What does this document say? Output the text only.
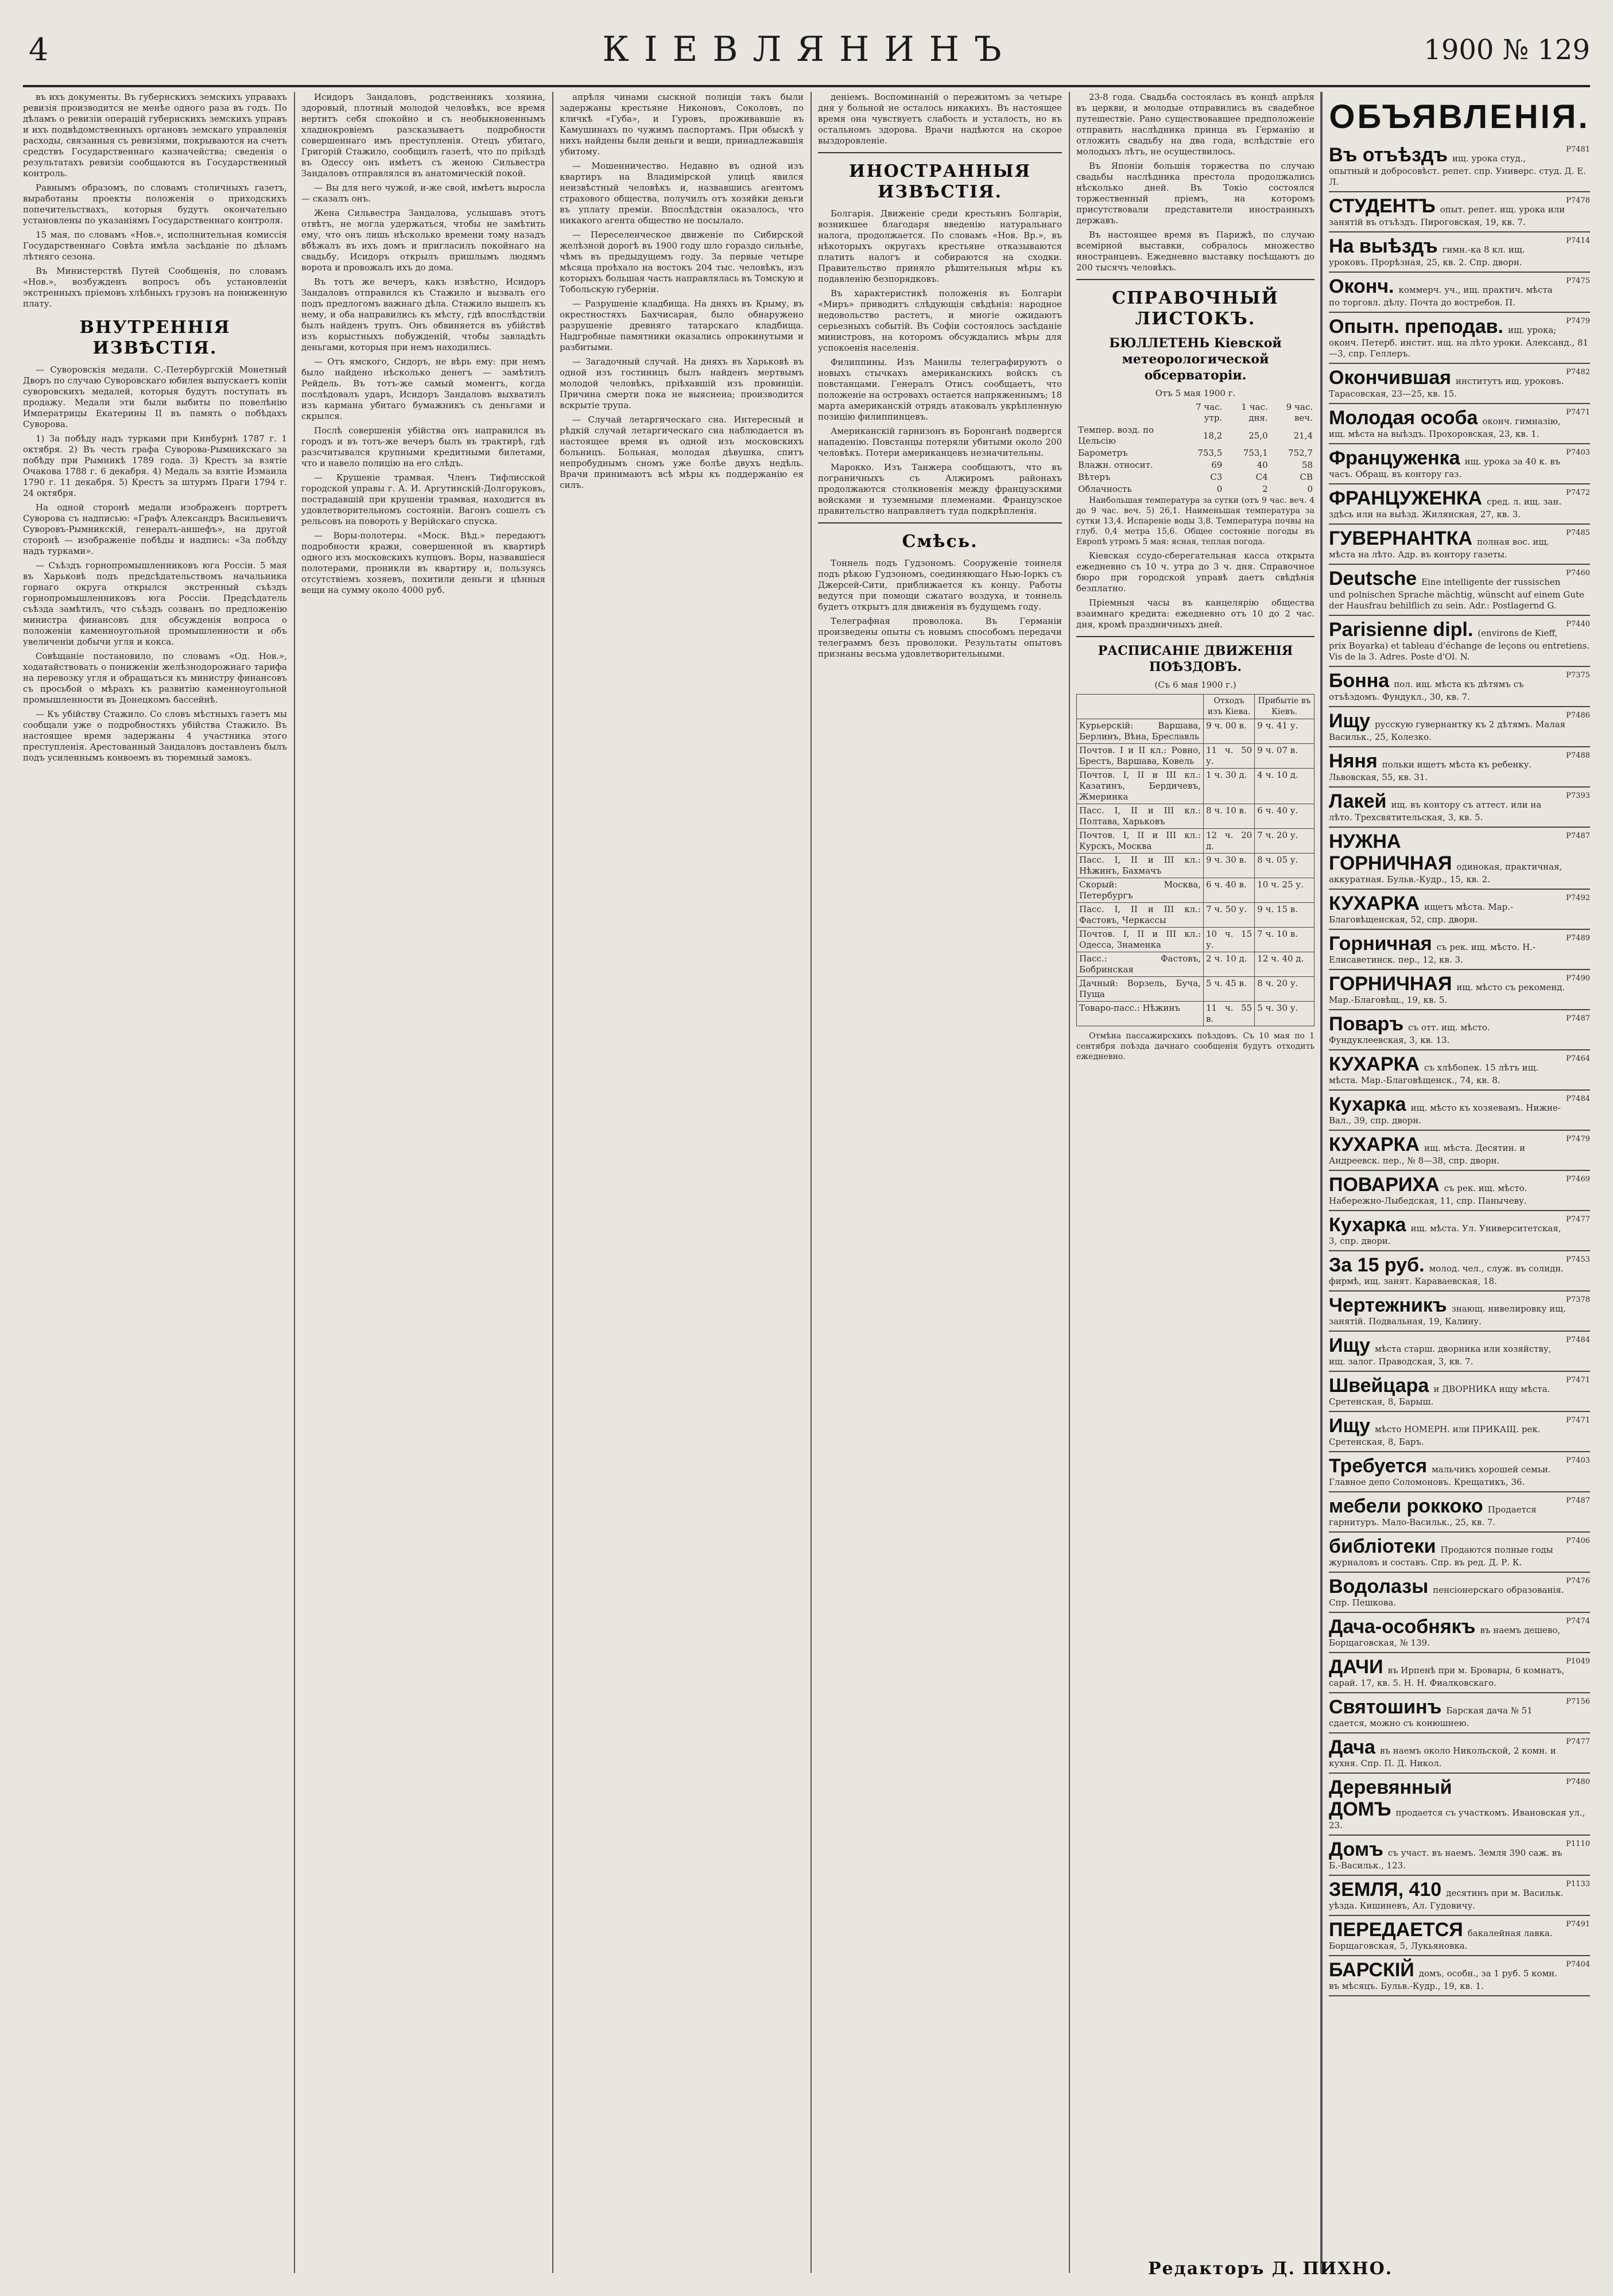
4	КІЕВЛЯНИНЪ	1900 № 129

въ ихъ документы. Въ губернскихъ земскихъ управахъ ревизія производится не менѣе одного раза въ годъ. По дѣламъ о ревизіи операцій губернскихъ земскихъ управъ и ихъ подвѣдомственныхъ органовъ земскаго управленія расходы, связанныя съ ревизіями, покрываются на счетъ средствъ Государственнаго казначейства; сведенія о результатахъ ревизіи сообщаются въ Государственный контроль.

Равнымъ образомъ, по словамъ столичныхъ газетъ, выработаны проекты положенія о приходскихъ попечительствахъ, которыя будутъ окончательно установлены по указаніямъ Государственнаго контроля.

15 мая, по словамъ «Нов.», исполнительная комиссія Государственнаго Совѣта имѣла засѣданіе по дѣламъ лѣтняго сезона.

Въ Министерствѣ Путей Сообщенія, по словамъ «Нов.», возбужденъ вопросъ объ установленіи экстренныхъ пріемовъ хлѣбныхъ грузовъ на пониженную плату.

ВНУТРЕННІЯ ИЗВѢСТІЯ.

— Суворовскія медали. С.-Петербургскій Монетный Дворъ по случаю Суворовскаго юбилея выпускаетъ копіи суворовскихъ медалей, которыя будутъ поступать въ продажу. Медали эти были выбиты по повелѣнію Императрицы Екатерины II въ память о побѣдахъ Суворова.

1) За побѣду надъ турками при Кинбурнѣ 1787 г. 1 октября. 2) Въ честь графа Суворова-Рымникскаго за побѣду при Рымникѣ 1789 года. 3) Крестъ за взятіе Очакова 1788 г. 6 декабря. 4) Медаль за взятіе Измаила 1790 г. 11 декабря. 5) Крестъ за штурмъ Праги 1794 г. 24 октября.

На одной сторонѣ медали изображенъ портретъ Суворова съ надписью: «Графъ Александръ Васильевичъ Суворовъ-Рымникскій, генералъ-аншефъ», на другой сторонѣ — изображеніе побѣды и надпись: «За побѣду надъ турками».

— Съѣздъ горнопромышленниковъ юга Россіи. 5 мая въ Харьковѣ подъ предсѣдательствомъ начальника горнаго округа открылся экстренный съѣздъ горнопромышленниковъ юга Россіи. Предсѣдатель съѣзда замѣтилъ, что съѣздъ созванъ по предложенію министра финансовъ для обсужденія вопроса о положеніи каменноугольной промышленности и объ увеличеніи добычи угля и кокса.

Совѣщаніе постановило, по словамъ «Од. Нов.», ходатайствовать о пониженіи желѣзнодорожнаго тарифа на перевозку угля и обращаться къ министру финансовъ съ просьбой о мѣрахъ къ развитію каменноугольной промышленности въ Донецкомъ бассейнѣ.

— Къ убійству Стажило. Со словъ мѣстныхъ газетъ мы сообщали уже о подробностяхъ убійства Стажило. Въ настоящее время задержаны 4 участника этого преступленія. Арестованный Зандаловъ доставленъ былъ подъ усиленнымъ конвоемъ въ тюремный замокъ.

Исидоръ Зандаловъ, родственникъ хозяина, здоровый, плотный молодой человѣкъ, все время вертитъ себя спокойно и съ необыкновеннымъ хладнокровіемъ разсказываетъ подробности совершеннаго имъ преступленія. Отецъ убитаго, Григорій Стажило, сообщилъ газетѣ, что по пріѣздѣ въ Одессу онъ имѣетъ съ женою Сильвестра Зандаловъ отправлялся въ анатомическій покой.

— Вы для него чужой, и-же свой, имѣетъ выросла — сказалъ онъ.

Жена Сильвестра Зандалова, услышавъ этотъ отвѣтъ, не могла удержаться, чтобы не замѣтить ему, что онъ лишь нѣсколько времени тому назадъ вбѣжалъ въ ихъ домъ и пригласилъ покойнаго на свадьбу. Исидоръ открылъ пришлымъ людямъ ворота и провожалъ ихъ до дома.

Въ тотъ же вечеръ, какъ извѣстно, Исидоръ Зандаловъ отправился къ Стажило и вызвалъ его подъ предлогомъ важнаго дѣла. Стажило вышелъ къ нему, и оба направились къ мѣсту, гдѣ впослѣдствіи былъ найденъ трупъ. Онъ обвиняется въ убійствѣ изъ корыстныхъ побужденій, чтобы завладѣть деньгами, которыя при немъ находились.

— Отъ ямского, Сидоръ, не вѣрь ему: при немъ было найдено нѣсколько денегъ — замѣтилъ Рейдель. Въ тотъ-же самый моментъ, когда послѣдовалъ ударъ, Исидоръ Зандаловъ выхватилъ изъ кармана убитаго бумажникъ съ деньгами и скрылся.

Послѣ совершенія убійства онъ направился въ городъ и въ тотъ-же вечеръ былъ въ трактирѣ, гдѣ разсчитывался крупными кредитными билетами, что и навело полицію на его слѣдъ.

— Крушеніе трамвая. Членъ Тифлисской городской управы г. А. И. Аргутинскій-Долгоруковъ, пострадавшій при крушеніи трамвая, находится въ удовлетворительномъ состояніи. Вагонъ сошелъ съ рельсовъ на повороть у Верійскаго спуска.

— Воры-полотеры. «Моск. Вѣд.» передаютъ подробности кражи, совершенной въ квартирѣ одного изъ московскихъ купцовъ. Воры, назвавшіеся полотерами, проникли въ квартиру и, пользуясь отсутствіемъ хозяевъ, похитили деньги и цѣнныя вещи на сумму около 4000 руб.

апрѣля чинами сыскной полиціи такъ были задержаны крестьяне Никоновъ, Соколовъ, по кличкѣ «Губа», и Гуровъ, проживавшіе въ Камушинахъ по чужимъ паспортамъ. При обыскѣ у нихъ найдены были деньги и вещи, принадлежавшія убитому.

— Мошенничество. Недавно въ одной изъ квартиръ на Владимірской улицѣ явился неизвѣстный человѣкъ и, назвавшись агентомъ страхового общества, получилъ отъ хозяйки деньги въ уплату преміи. Впослѣдствіи оказалось, что никакого агента общество не посылало.

— Переселенческое движеніе по Сибирской желѣзной дорогѣ въ 1900 году шло гораздо сильнѣе, чѣмъ въ предыдущемъ году. За первые четыре мѣсяца проѣхало на востокъ 204 тыс. человѣкъ, изъ которыхъ большая часть направлялась въ Томскую и Тобольскую губерніи.

— Разрушеніе кладбища. На дняхъ въ Крыму, въ окрестностяхъ Бахчисарая, было обнаружено разрушеніе древняго татарскаго кладбища. Надгробные памятники оказались опрокинутыми и разбитыми.

— Загадочный случай. На дняхъ въ Харьковѣ въ одной изъ гостиницъ былъ найденъ мертвымъ молодой человѣкъ, пріѣхавшій изъ провинціи. Причина смерти пока не выяснена; производится вскрытіе трупа.

— Случай летаргическаго сна. Интересный и рѣдкій случай летаргическаго сна наблюдается въ настоящее время въ одной изъ московскихъ больницъ. Больная, молодая дѣвушка, спитъ непробуднымъ сномъ уже болѣе двухъ недѣль. Врачи принимаютъ всѣ мѣры къ поддержанію ея силъ.

деніемъ. Воспоминаній о пережитомъ за четыре дня у больной не осталось никакихъ. Въ настоящее время она чувствуетъ слабость и усталость, но въ остальномъ здорова. Врачи надѣются на скорое выздоровленіе.

ИНОСТРАННЫЯ ИЗВѢСТІЯ.

Болгарія. Движеніе среди крестьянъ Болгаріи, возникшее благодаря введенію натуральнаго налога, продолжается. По словамъ «Нов. Вр.», въ нѣкоторыхъ округахъ крестьяне отказываются платить налогъ и собираются на сходки. Правительство приняло рѣшительныя мѣры къ подавленію безпорядковъ.

Въ характеристикѣ положенія въ Болгаріи «Миръ» приводитъ слѣдующія свѣдѣнія: народное недовольство растетъ, и многіе ожидаютъ серьезныхъ событій. Въ Софіи состоялось засѣданіе министровъ, на которомъ обсуждались мѣры для успокоенія населенія.

Филиппины. Изъ Манилы телеграфируютъ о новыхъ стычкахъ американскихъ войскъ съ повстанцами. Генералъ Отисъ сообщаетъ, что положеніе на островахъ остается напряженнымъ; 18 марта американскій отрядъ атаковалъ укрѣпленную позицію филиппинцевъ.

Американскій гарнизонъ въ Боронганѣ подвергся нападенію. Повстанцы потеряли убитыми около 200 человѣкъ. Потери американцевъ незначительны.

Марокко. Изъ Танжера сообщаютъ, что въ пограничныхъ съ Алжиромъ районахъ продолжаются столкновенія между французскими войсками и туземными племенами. Французское правительство направляетъ туда подкрѣпленія.

Смѣсь.

Тоннель подъ Гудзономъ. Сооруженіе тоннеля подъ рѣкою Гудзономъ, соединяющаго Нью-Іоркъ съ Джерсей-Сити, приближается къ концу. Работы ведутся при помощи сжатаго воздуха, и тоннель будетъ открытъ для движенія въ будущемъ году.

Телеграфная проволока. Въ Германіи произведены опыты съ новымъ способомъ передачи телеграммъ безъ проволоки. Результаты опытовъ признаны весьма удовлетворительными.

23-8 года. Свадьба состоялась въ концѣ апрѣля въ церкви, и молодые отправились въ свадебное путешествіе. Рано существовавшее предположеніе отправить наслѣдника принца въ Германію и отложить свадьбу на два года, вслѣдствіе его молодыхъ лѣтъ, не осуществилось.

Въ Японіи большія торжества по случаю свадьбы наслѣдника престола продолжались нѣсколько дней. Въ Токіо состоялся торжественный пріемъ, на которомъ присутствовали представители иностранныхъ державъ.

Въ настоящее время въ Парижѣ, по случаю всемірной выставки, собралось множество иностранцевъ. Ежедневно выставку посѣщаютъ до 200 тысячъ человѣкъ.

СПРАВОЧНЫЙ ЛИСТОКЪ.
БЮЛЛЕТЕНЬ Кіевской метеорологической обсерваторіи.
Отъ 5 мая 1900 г.
	7 час. утр.	1 час. дня.	9 час. веч.
Темпер. возд. по Цельсію	18,2	25,0	21,4
Барометръ	753,5	753,1	752,7
Влажн. относит.	69	40	58
Вѣтеръ	С3	С4	СВ
Облачность	0	2	0

Наибольшая температура за сутки (отъ 9 час. веч. 4 до 9 час. веч. 5) 26,1. Наименьшая температура за сутки 13,4. Испареніе воды 3,8. Температура почвы на глуб. 0,4 метра 15,6. Общее состояніе погоды въ Европѣ утромъ 5 мая: ясная, теплая погода.

Кіевская ссудо-сберегательная касса открыта ежедневно съ 10 ч. утра до 3 ч. дня. Справочное бюро при городской управѣ даетъ свѣдѣнія безплатно.

Пріемныя часы въ канцелярію общества взаимнаго кредита: ежедневно отъ 10 до 2 час. дня, кромѣ праздничныхъ дней.

РАСПИСАНІЕ ДВИЖЕНІЯ ПОѢЗДОВЪ.
(Съ 6 мая 1900 г.)
	Отходъ изъ Кіева.	Прибытіе въ Кіевъ.
Курьерскій: Варшава, Берлинъ, Вѣна, Бреславль	9 ч. 00 в.	9 ч. 41 у.
Почтов. I и II кл.: Ровно, Брестъ, Варшава, Ковель	11 ч. 50 у.	9 ч. 07 в.
Почтов. I, II и III кл.: Казатинъ, Бердичевъ, Жмеринка	1 ч. 30 д.	4 ч. 10 д.
Пасс. I, II и III кл.: Полтава, Харьковъ	8 ч. 10 в.	6 ч. 40 у.
Почтов. I, II и III кл.: Курскъ, Москва	12 ч. 20 д.	7 ч. 20 у.
Пасс. I, II и III кл.: Нѣжинъ, Бахмачъ	9 ч. 30 в.	8 ч. 05 у.
Скорый: Москва, Петербургъ	6 ч. 40 в.	10 ч. 25 у.
Пасс. I, II и III кл.: Фастовъ, Черкассы	7 ч. 50 у.	9 ч. 15 в.
Почтов. I, II и III кл.: Одесса, Знаменка	10 ч. 15 у.	7 ч. 10 в.
Пасс.: Фастовъ, Бобринская	2 ч. 10 д.	12 ч. 40 д.
Дачный: Ворзель, Буча, Пуща	5 ч. 45 в.	8 ч. 20 у.
Товаро-пасс.: Нѣжинъ	11 ч. 55 в.	5 ч. 30 у.

Отмѣна пассажирскихъ поѣздовъ. Съ 10 мая по 1 сентября поѣзда дачнаго сообщенія будутъ отходить ежедневно.

ОБЪЯВЛЕНІЯ.
Р7481
Въ отъѣздъ ищ. урока студ., опытный и добросовѣст. репет. спр. Универс. студ. Д. Е. Л.
Р7478
СТУДЕНТЪ опыт. репет. ищ. урока или занятій въ отъѣздъ. Пироговская, 19, кв. 7.
Р7414
На выѣздъ гимн.-ка 8 кл. ищ. уроковъ. Прорѣзная, 25, кв. 2. Спр. дворн.
Р7475
Оконч. коммерч. уч., ищ. практич. мѣста по торговл. дѣлу. Почта до востребов. П.
Р7479
Опытн. преподав. ищ. урока; оконч. Петерб. инстит. ищ. на лѣто уроки. Александ., 81—3, спр. Геллеръ.
Р7482
Окончившая институтъ ищ. уроковъ. Тарасовская, 23—25, кв. 15.
Р7471
Молодая особа оконч. гимназію, ищ. мѣста на выѣздъ. Прохоровская, 23, кв. 1.
Р7403
Француженка ищ. урока за 40 к. въ часъ. Обращ. въ контору газ.
Р7472
ФРАНЦУЖЕНКА сред. л. ищ. зан. здѣсь или на выѣзд. Жилянская, 27, кв. 3.
Р7485
ГУВЕРНАНТКА полная вос. ищ. мѣста на лѣто. Адр. въ контору газеты.
Р7460
Deutsche Eine intelligente der russischen und polnischen Sprache mächtig, wünscht auf einem Gute der Hausfrau behilflich zu sein. Adr.: Postlagernd G.
Р7440
Parisienne dipl. (environs de Kieff, prix Boyarka) et tableau d'échange de leçons ou entretiens. Vis de la 3. Adres. Poste d'Ol. N.
Р7375
Бонна пол. ищ. мѣста къ дѣтямъ съ отъѣздомъ. Фундукл., 30, кв. 7.
Р7486
Ищу русскую гувернантку къ 2 дѣтямъ. Малая Васильк., 25, Колезко.
Р7488
Няня польки ищетъ мѣста къ ребенку. Львовская, 55, кв. 31.
Р7393
Лакей ищ. въ контору съ аттест. или на лѣто. Трехсвятительская, 3, кв. 5.
Р7487
НУЖНА ГОРНИЧНАЯ одинокая, практичная, аккуратная. Бульв.-Кудр., 15, кв. 2.
Р7492
КУХАРКА ищетъ мѣста. Мар.-Благовѣщенская, 52, спр. дворн.
Р7489
Горничная съ рек. ищ. мѣсто. Н.-Елисаветинск. пер., 12, кв. 3.
Р7490
ГОРНИЧНАЯ ищ. мѣсто съ рекоменд. Мар.-Благовѣщ., 19, кв. 5.
Р7487
Поваръ съ отт. ищ. мѣсто. Фундуклеевская, 3, кв. 13.
Р7464
КУХАРКА съ хлѣбопек. 15 лѣтъ ищ. мѣста. Мар.-Благовѣщенск., 74, кв. 8.
Р7484
Кухарка ищ. мѣсто къ хозяевамъ. Нижне-Вал., 39, спр. дворн.
Р7479
КУХАРКА ищ. мѣста. Десятин. и Андреевск. пер., № 8—38, спр. дворн.
Р7469
ПОВАРИХА съ рек. ищ. мѣсто. Набережно-Лыбедская, 11, спр. Панычеву.
Р7477
Кухарка ищ. мѣста. Ул. Университетская, 3, спр. двори.
Р7453
За 15 руб. молод. чел., служ. въ солидн. фирмѣ, ищ. занят. Караваевская, 18.
Р7378
Чертежникъ знающ. нивелировку ищ. занятій. Подвальная, 19, Калину.
Р7484
Ищу мѣста старш. дворника или хозяйству, ищ. залог. Праводская, 3, кв. 7.
Р7471
Швейцара и ДВОРНИКА ищу мѣста. Сретенская, 8, Барыш.
Р7471
Ищу мѣсто НОМЕРН. или ПРИКАЩ. рек. Сретенская, 8, Баръ.
Р7403
Требуется мальчикъ хорошей семьи. Главное депо Соломоновъ. Крещатикъ, 36.
Р7487
мебели роккоко Продается гарнитуръ. Мало-Васильк., 25, кв. 7.
Р7406
библіотеки Продаются полные годы журналовъ и составъ. Спр. въ ред. Д. Р. К.
Р7476
Водолазы пенсіонерскаго образованія. Спр. Пешкова.
Р7474
Дача-особнякъ въ наемъ дешево, Борщаговская, № 139.
Р1049
ДАЧИ въ Ирпенѣ при м. Бровары, 6 комнатъ, сарай. 17, кв. 5. Н. Н. Фиалковскаго.
Р7156
Святошинъ Барская дача № 51 сдается, можно съ конюшнею.
Р7477
Дача въ наемъ около Никольской, 2 комн. и кухня. Спр. П. Д. Никол.
Р7480
Деревянный ДОМЪ продается съ участкомъ. Ивановская ул., 23.
Р1110
Домъ съ участ. въ наемъ. Земля 390 саж. въ Б.-Васильк., 123.
Р1133
ЗЕМЛЯ, 410 десятинъ при м. Васильк. уѣзда. Кишиневъ, Ал. Гудовичу.
Р7491
ПЕРЕДАЕТСЯ бакалейная лавка. Борщаговская, 5, Лукьяновка.
Р7404
БАРСКІЙ домъ, особн., за 1 руб. 5 комн. въ мѣсяцъ. Бульв.-Кудр., 19, кв. 1.
Редакторъ Д. ПИХНО.
